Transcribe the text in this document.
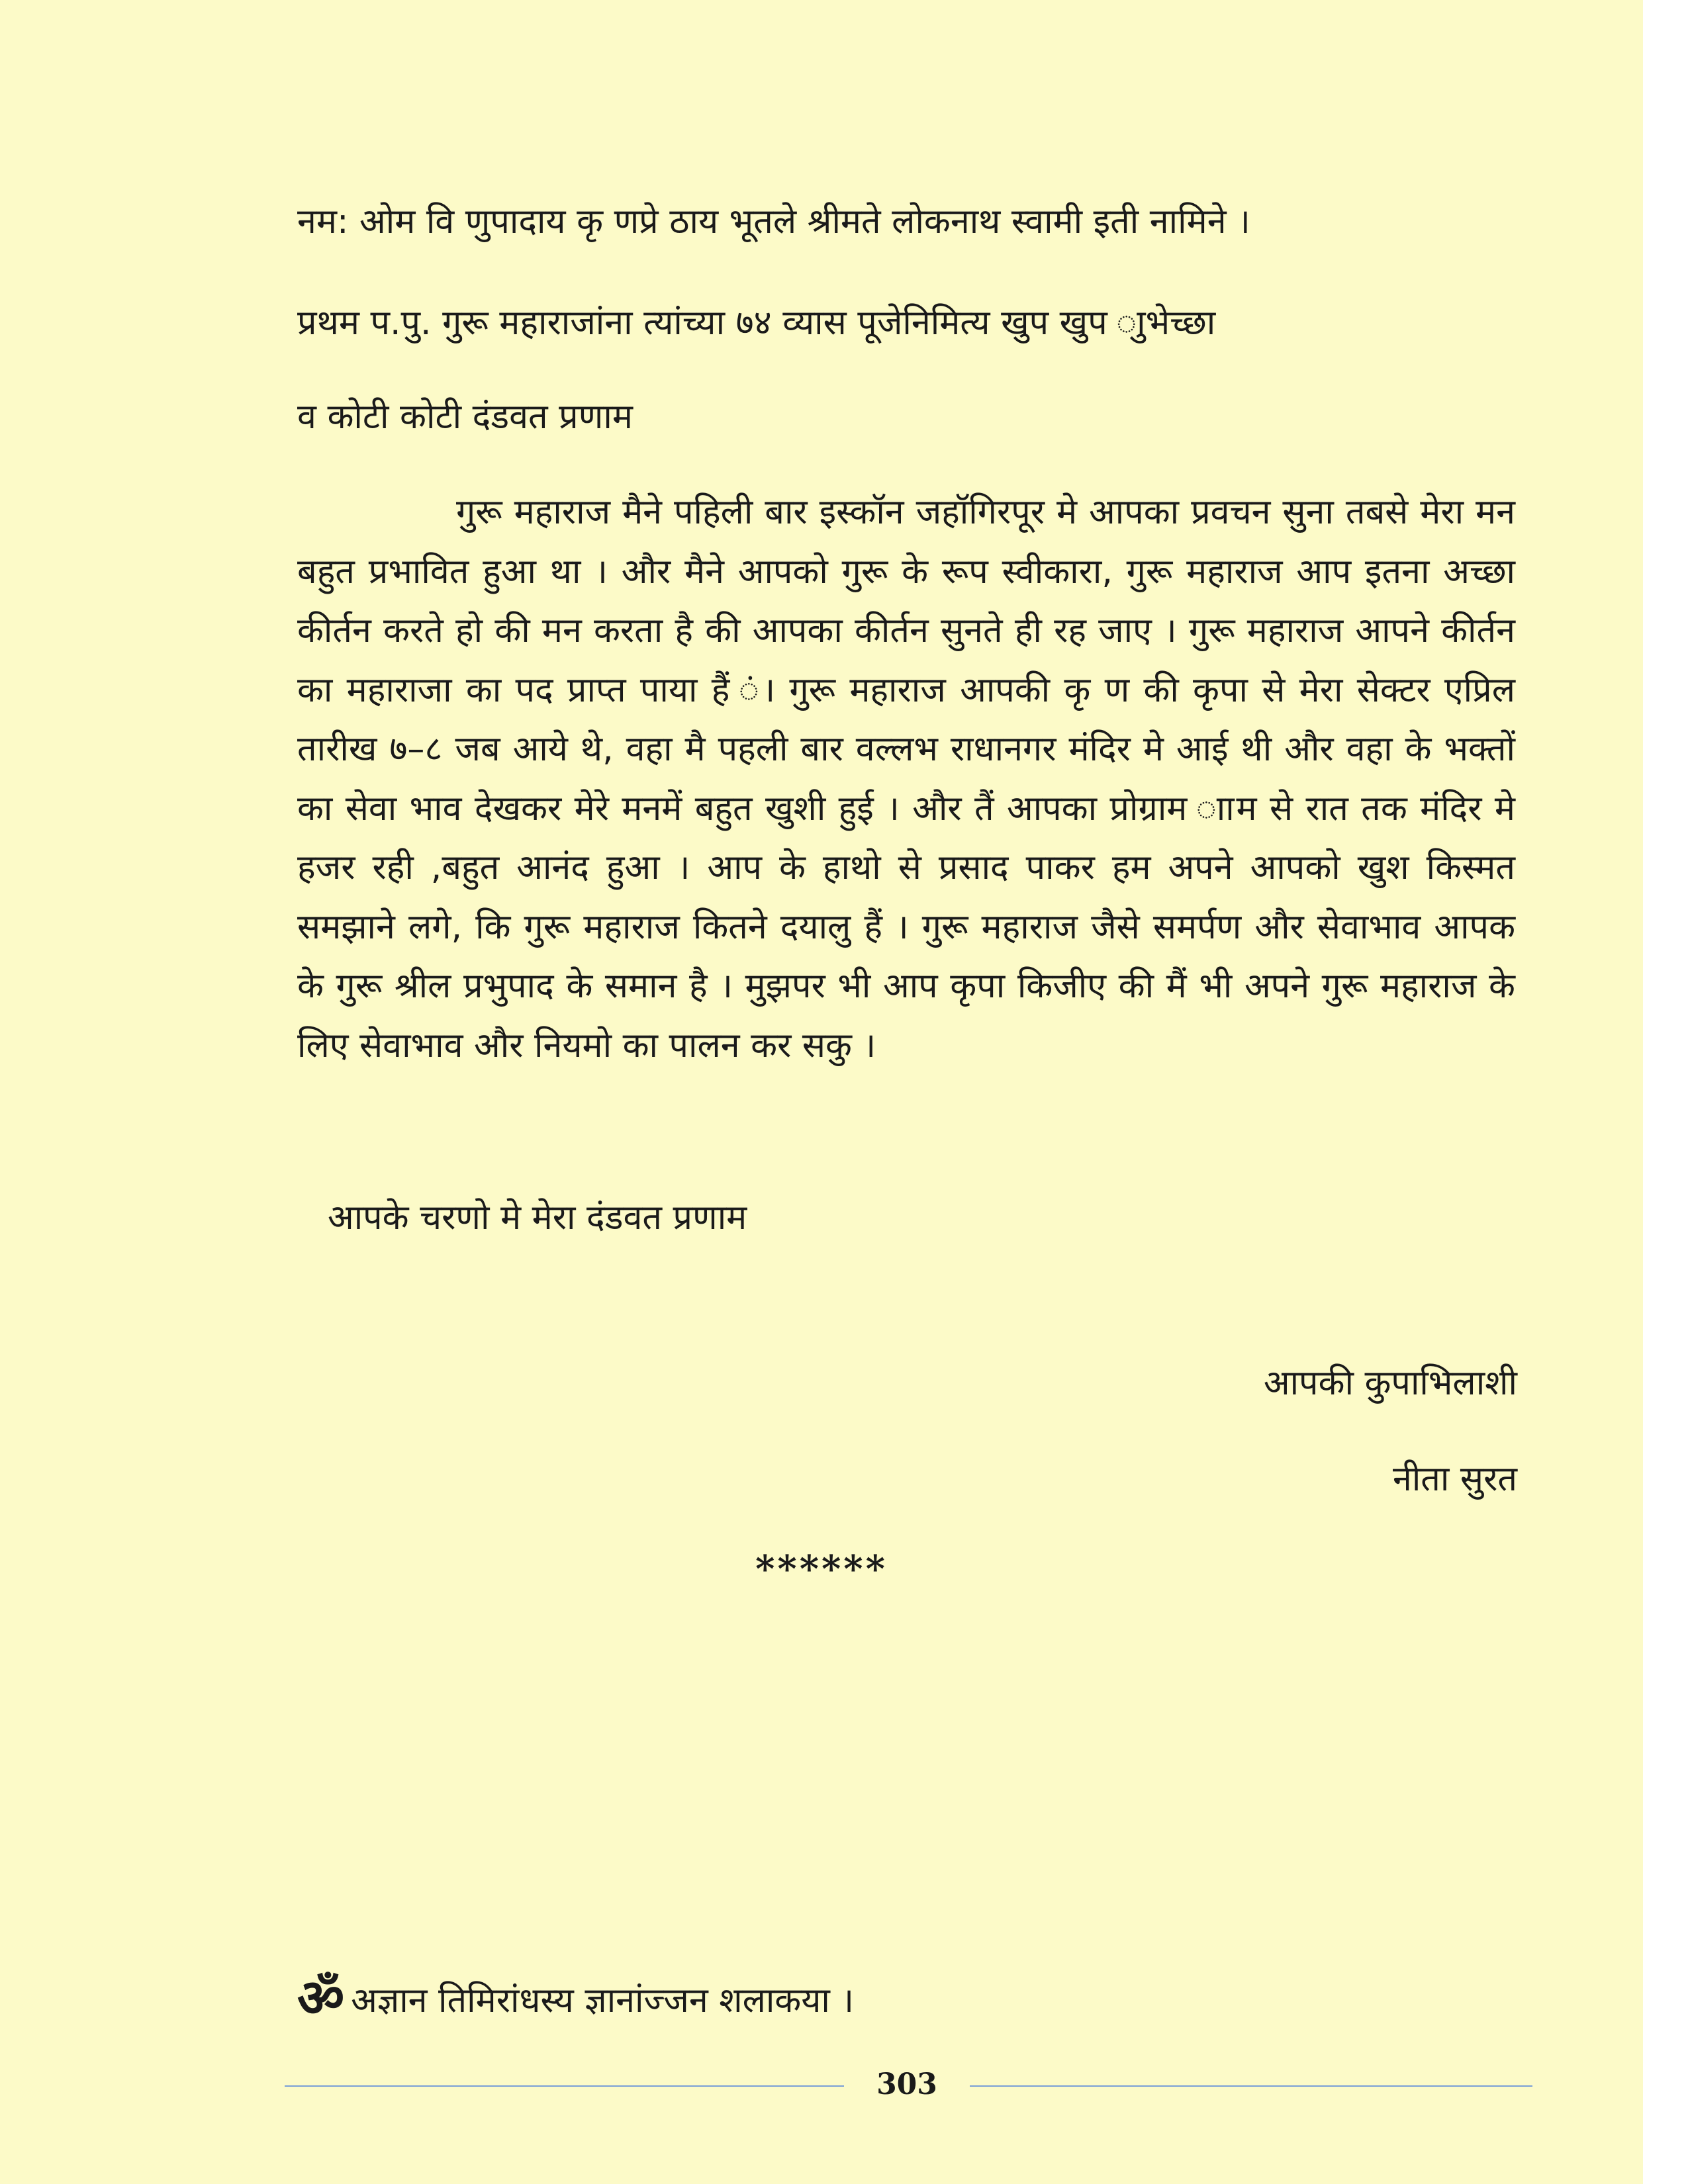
नम: ओम वि णुपादाय कृ णप्रे ठाय भूतले श्रीमते लोकनाथ स्वामी इती नामिने ।
प्रथम प.पु. गुरू महाराजांना त्यांच्या ७४ व्यास पूजेनिमित्य खुप खुप ाुभेच्छा
व कोटी कोटी दंडवत प्रणाम

गुरू महाराज मैने पहिली बार इस्कॉन जहॉगिरपूर मे आपका प्रवचन सुना तबसे मेरा मन बहुत प्रभावित हुआ था । और मैने आपको गुरू के रूप स्वीकारा, गुरू महाराज आप इतना अच्छा कीर्तन करते हो की मन करता है की आपका कीर्तन सुनते ही रह जाए । गुरू महाराज आपने कीर्तन का महाराजा का पद प्राप्त पाया हैं ं। गुरू महाराज आपकी कृ ण की कृपा से मेरा सेक्टर एप्रिल तारीख ७–८ जब आये थे, वहा मै पहली बार वल्लभ राधानगर मंदिर मे आई थी और वहा के भक्तों का सेवा भाव देखकर मेरे मनमें बहुत खुशी हुई । और तैं आपका प्रोग्राम ााम से रात तक मंदिर मे हजर रही ,बहुत आनंद हुआ । आप के हाथो से प्रसाद पाकर हम अपने आपको खुश किस्मत समझाने लगे, कि गुरू महाराज कितने दयालु हैं । गुरू महाराज जैसे समर्पण और सेवाभाव आपक के गुरू श्रील प्रभुपाद के समान है । मुझपर भी आप कृपा किजीए की मैं भी अपने गुरू महाराज के लिए सेवाभाव और नियमो का पालन कर सकु ।

आपके चरणो मे मेरा दंडवत प्रणाम
आपकी कुपाभिलाशी
नीता सुरत
******
ॐअज्ञान तिमिरांधस्य ज्ञानांज्जन शलाकया ।
303
